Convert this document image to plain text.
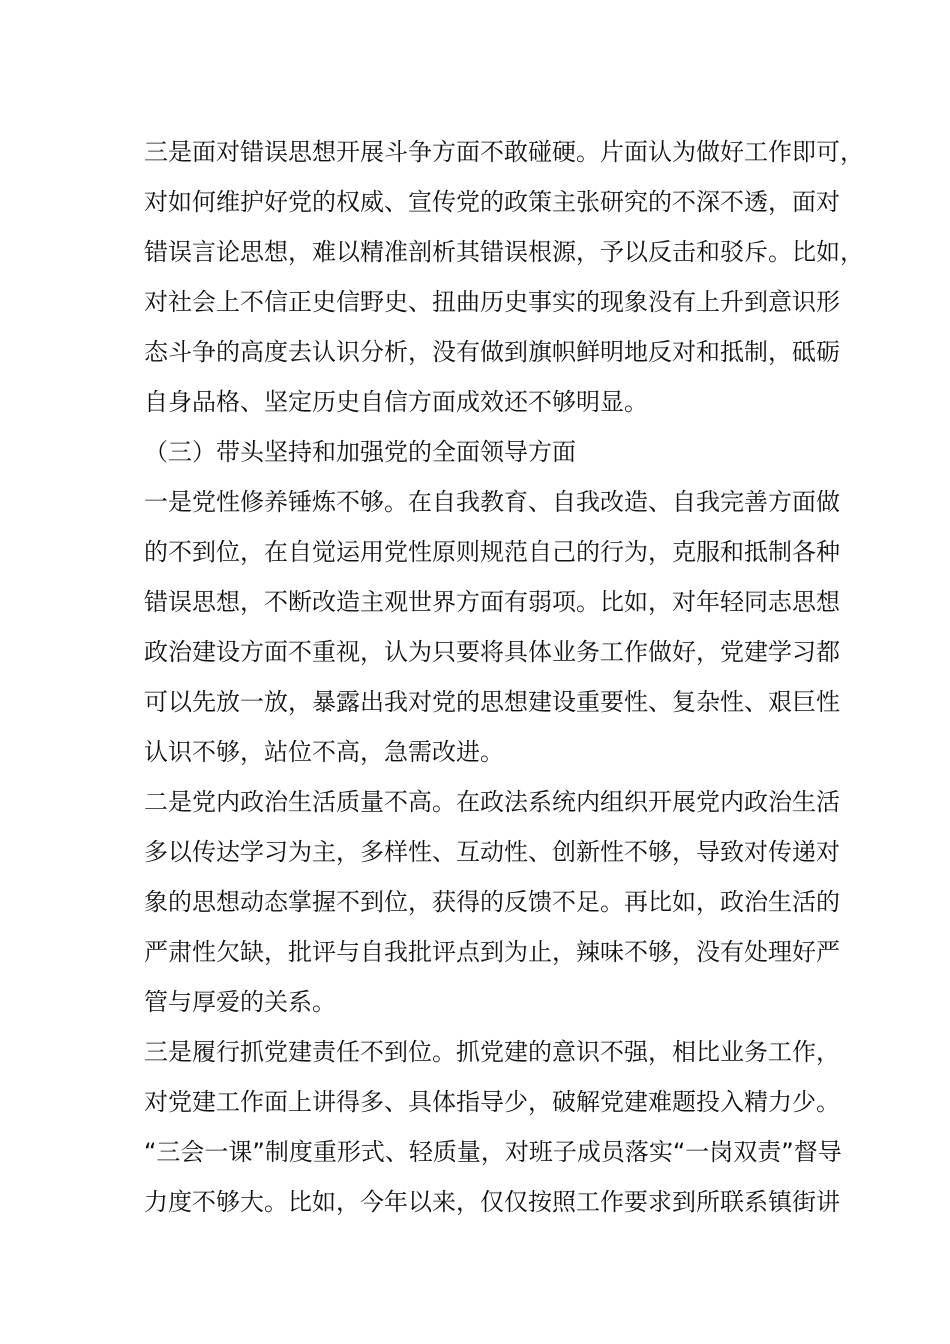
三是面对错误思想开展斗争方面不敢碰硬。片面认为做好工作即可，
对如何维护好党的权威、宣传党的政策主张研究的不深不透，面对
错误言论思想，难以精准剖析其错误根源，予以反击和驳斥。比如，
对社会上不信正史信野史、扭曲历史事实的现象没有上升到意识形
态斗争的高度去认识分析，没有做到旗帜鲜明地反对和抵制，砥砺
自身品格、坚定历史自信方面成效还不够明显。
（三）带头坚持和加强党的全面领导方面
一是党性修养锤炼不够。在自我教育、自我改造、自我完善方面做
的不到位，在自觉运用党性原则规范自己的行为，克服和抵制各种
错误思想，不断改造主观世界方面有弱项。比如，对年轻同志思想
政治建设方面不重视，认为只要将具体业务工作做好，党建学习都
可以先放一放，暴露出我对党的思想建设重要性、复杂性、艰巨性
认识不够，站位不高，急需改进。
二是党内政治生活质量不高。在政法系统内组织开展党内政治生活
多以传达学习为主，多样性、互动性、创新性不够，导致对传递对
象的思想动态掌握不到位，获得的反馈不足。再比如，政治生活的
严肃性欠缺，批评与自我批评点到为止，辣味不够，没有处理好严
管与厚爱的关系。
三是履行抓党建责任不到位。抓党建的意识不强，相比业务工作，
对党建工作面上讲得多、具体指导少，破解党建难题投入精力少。
“三会一课”制度重形式、轻质量，对班子成员落实“一岗双责”督导
力度不够大。比如，今年以来，仅仅按照工作要求到所联系镇街讲
